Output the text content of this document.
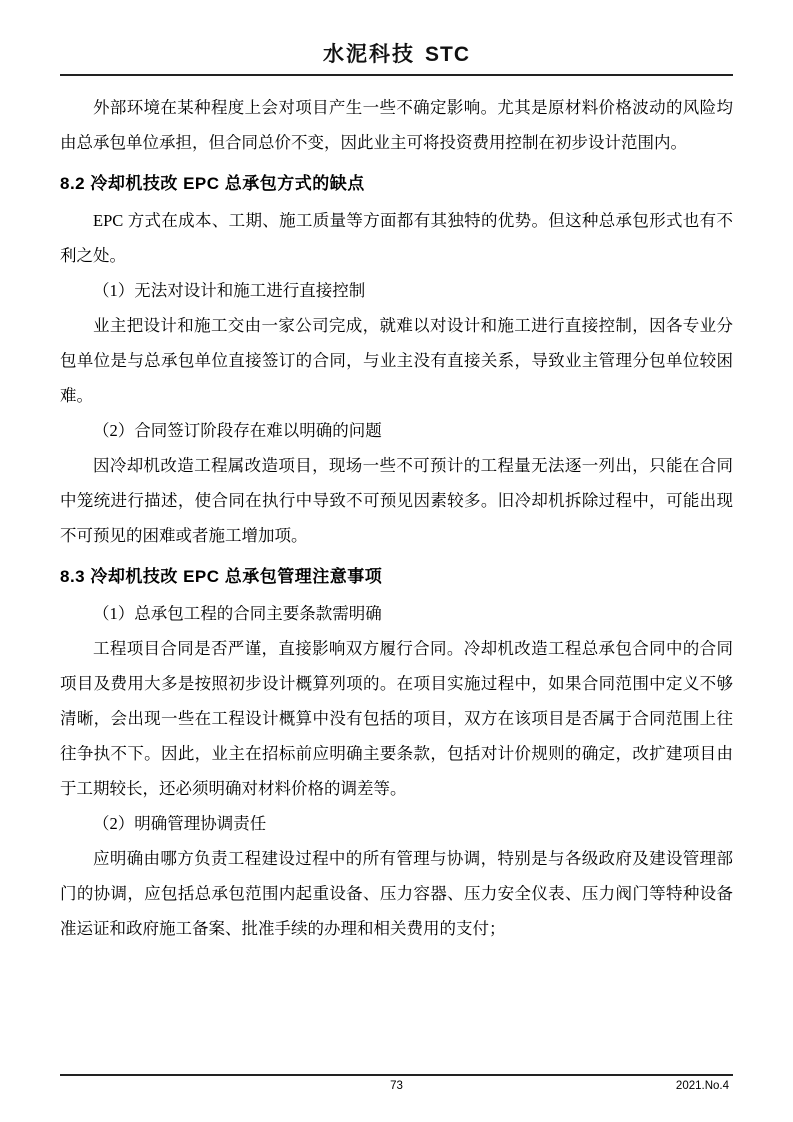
水泥科技 STC

外部环境在某种程度上会对项目产生一些不确定影响。尤其是原材料价格波动的风险均由总承包单位承担，但合同总价不变，因此业主可将投资费用控制在初步设计范围内。

8.2 冷却机技改 EPC 总承包方式的缺点

EPC 方式在成本、工期、施工质量等方面都有其独特的优势。但这种总承包形式也有不利之处。

（1）无法对设计和施工进行直接控制

业主把设计和施工交由一家公司完成，就难以对设计和施工进行直接控制，因各专业分包单位是与总承包单位直接签订的合同，与业主没有直接关系，导致业主管理分包单位较困难。

（2）合同签订阶段存在难以明确的问题

因冷却机改造工程属改造项目，现场一些不可预计的工程量无法逐一列出，只能在合同中笼统进行描述，使合同在执行中导致不可预见因素较多。旧冷却机拆除过程中，可能出现不可预见的困难或者施工增加项。

8.3 冷却机技改 EPC 总承包管理注意事项

（1）总承包工程的合同主要条款需明确

工程项目合同是否严谨，直接影响双方履行合同。冷却机改造工程总承包合同中的合同项目及费用大多是按照初步设计概算列项的。在项目实施过程中，如果合同范围中定义不够清晰，会出现一些在工程设计概算中没有包括的项目，双方在该项目是否属于合同范围上往往争执不下。因此，业主在招标前应明确主要条款，包括对计价规则的确定，改扩建项目由于工期较长，还必须明确对材料价格的调差等。

（2）明确管理协调责任

应明确由哪方负责工程建设过程中的所有管理与协调，特别是与各级政府及建设管理部门的协调，应包括总承包范围内起重设备、压力容器、压力安全仪表、压力阀门等特种设备准运证和政府施工备案、批准手续的办理和相关费用的支付；

73	2021.No.4
